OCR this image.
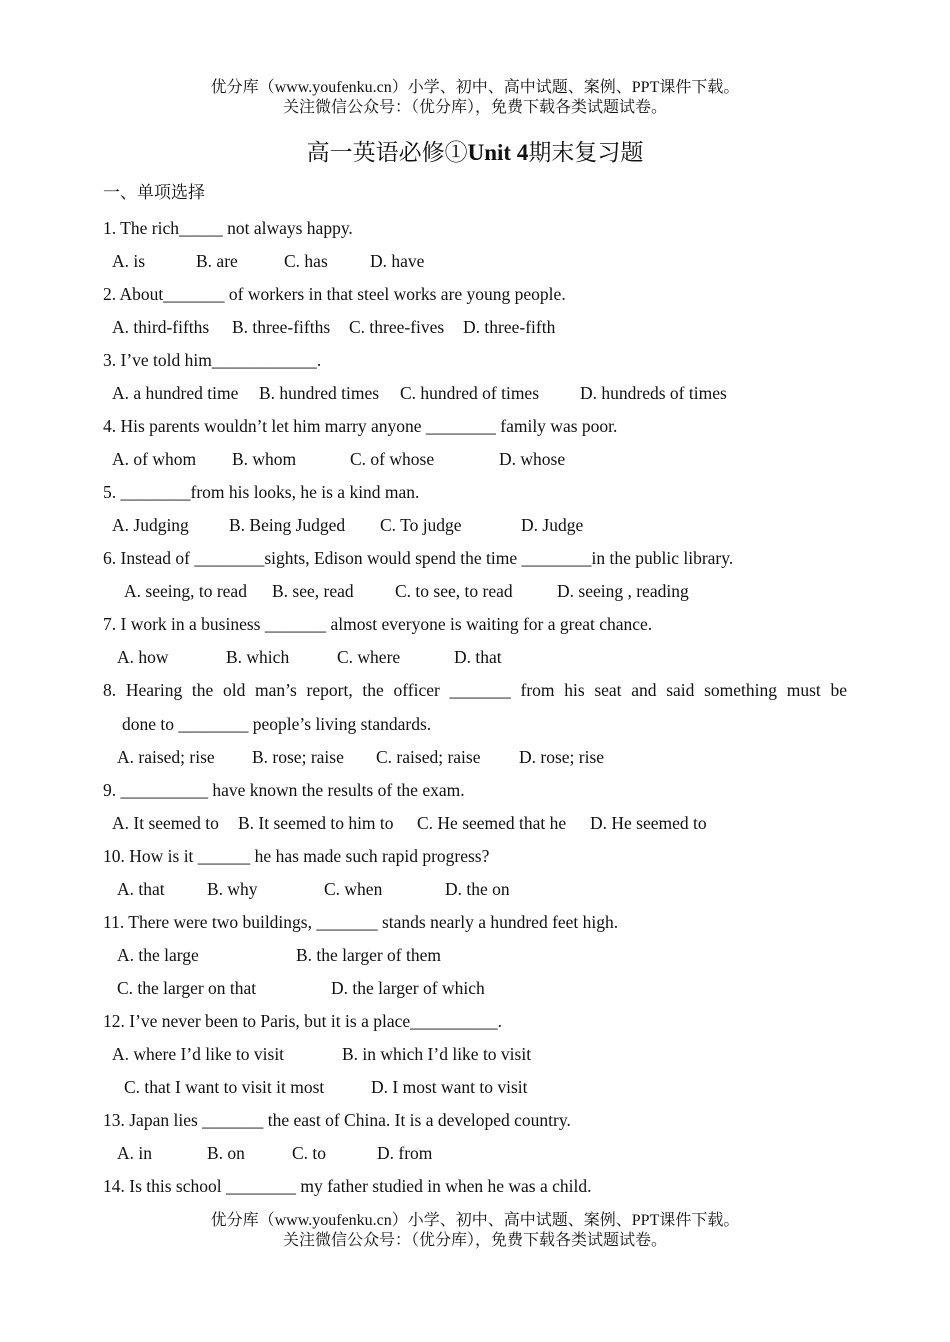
优分库（www.youfenku.cn）小学、初中、高中试题、案例、PPT课件下载。
关注微信公众号：（优分库），免费下载各类试题试卷。
高一英语必修①Unit 4期末复习题
一、单项选择
1. The rich_____ not always happy.
A. is	B. are	C. has D. have
2. About_______ of workers in that steel works are young people.
A. third-fifths B. three-fifths C. three-fives D. three-fifth
3. I’ve told him____________.
A. a hundred time B. hundred times C. hundred of times D. hundreds of times
4. His parents wouldn’t let him marry anyone ________ family was poor.
A. of whom B. whom	C. of whose	D. whose
5. ________from his looks, he is a kind man.
A. Judging B. Being Judged C. To judge	D. Judge
6. Instead of ________sights, Edison would spend the time ________in the public library.
A. seeing, to read B. see, read C. to see, to read	D. seeing , reading
7. I work in a business _______ almost everyone is waiting for a great chance.
A. how	B. which	C. where	D. that
8. Hearing the old man’s report, the officer _______ from his seat and said something must be
done to ________ people’s living standards.
A. raised; rise B. rose; raise C. raised; raise D. rose; rise
9. __________ have known the results of the exam.
A. It seemed to B. It seemed to him to C. He seemed that he D. He seemed to
10. How is it ______ he has made such rapid progress?
A. that B. why	C. when	D. the on
11. There were two buildings, _______ stands nearly a hundred feet high.
A. the large	B. the larger of them
C. the larger on that	D. the larger of which
12. I’ve never been to Paris, but it is a place__________.
A. where I’d like to visit	B. in which I’d like to visit
C. that I want to visit it most	D. I most want to visit
13. Japan lies _______ the east of China. It is a developed country.
A. in	B. on	C. to	D. from
14. Is this school ________ my father studied in when he was a child.
优分库（www.youfenku.cn）小学、初中、高中试题、案例、PPT课件下载。
关注微信公众号：（优分库），免费下载各类试题试卷。
